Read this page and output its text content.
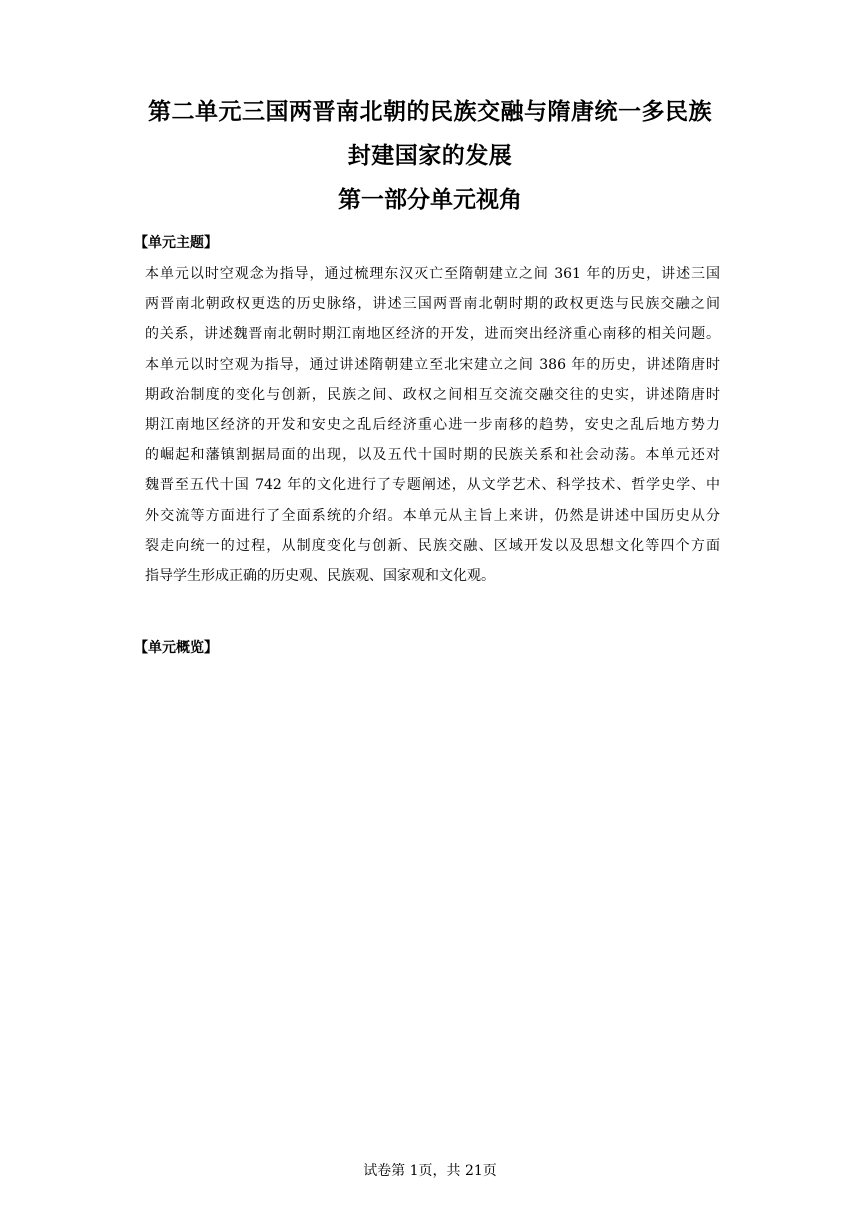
第二单元三国两晋南北朝的民族交融与隋唐统一多民族
封建国家的发展
第一部分单元视角
【单元主题】
本单元以时空观念为指导，通过梳理东汉灭亡至隋朝建立之间 361 年的历史，讲述三国
两晋南北朝政权更迭的历史脉络，讲述三国两晋南北朝时期的政权更迭与民族交融之间
的关系，讲述魏晋南北朝时期江南地区经济的开发，进而突出经济重心南移的相关问题。
本单元以时空观为指导，通过讲述隋朝建立至北宋建立之间 386 年的历史，讲述隋唐时
期政治制度的变化与创新，民族之间、政权之间相互交流交融交往的史实，讲述隋唐时
期江南地区经济的开发和安史之乱后经济重心进一步南移的趋势，安史之乱后地方势力
的崛起和藩镇割据局面的出现，以及五代十国时期的民族关系和社会动荡。本单元还对
魏晋至五代十国 742 年的文化进行了专题阐述，从文学艺术、科学技术、哲学史学、中
外交流等方面进行了全面系统的介绍。本单元从主旨上来讲，仍然是讲述中国历史从分
裂走向统一的过程，从制度变化与创新、民族交融、区域开发以及思想文化等四个方面
指导学生形成正确的历史观、民族观、国家观和文化观。
【单元概览】
试卷第 1页，共 21页
